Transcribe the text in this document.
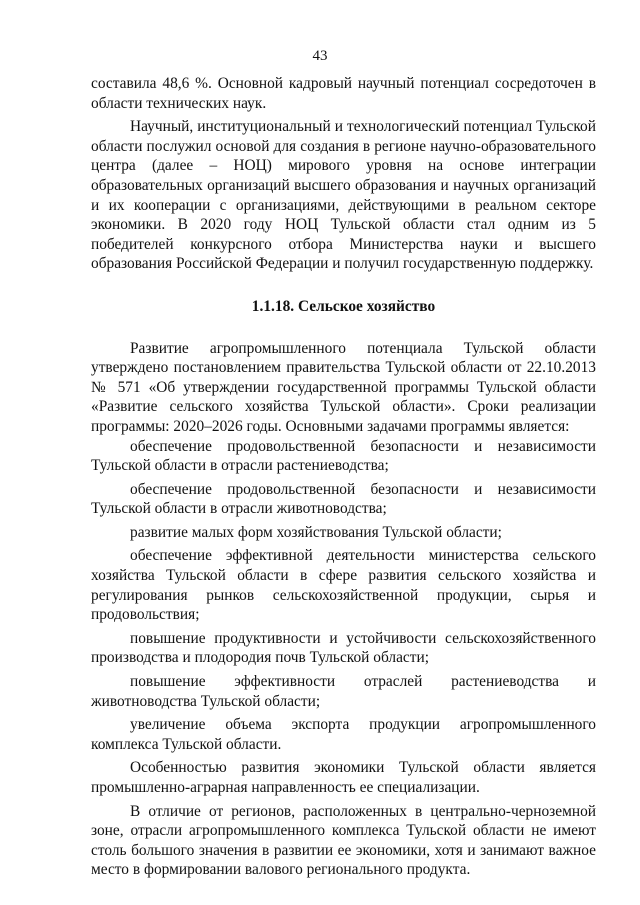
43

составила 48,6 %. Основной кадровый научный потенциал сосредоточен в области технических наук.

Научный, институциональный и технологический потенциал Тульской области послужил основой для создания в регионе научно-образовательного центра (далее – НОЦ) мирового уровня на основе интеграции образовательных организаций высшего образования и научных организаций и их кооперации с организациями, действующими в реальном секторе экономики. В 2020 году НОЦ Тульской области стал одним из 5 победителей конкурсного отбора Министерства науки и высшего образования Российской Федерации и получил государственную поддержку.

1.1.18. Сельское хозяйство

Развитие агропромышленного потенциала Тульской области утверждено постановлением правительства Тульской области от 22.10.2013 № 571 «Об утверждении государственной программы Тульской области «Развитие сельского хозяйства Тульской области». Сроки реализации программы: 2020–2026 годы. Основными задачами программы является:

обеспечение продовольственной безопасности и независимости Тульской области в отрасли растениеводства;

обеспечение продовольственной безопасности и независимости Тульской области в отрасли животноводства;

развитие малых форм хозяйствования Тульской области;

обеспечение эффективной деятельности министерства сельского хозяйства Тульской области в сфере развития сельского хозяйства и регулирования рынков сельскохозяйственной продукции, сырья и продовольствия;

повышение продуктивности и устойчивости сельскохозяйственного производства и плодородия почв Тульской области;

повышение эффективности отраслей растениеводства и животноводства Тульской области;

увеличение объема экспорта продукции агропромышленного комплекса Тульской области.

Особенностью развития экономики Тульской области является промышленно-аграрная направленность ее специализации.

В отличие от регионов, расположенных в центрально-черноземной зоне, отрасли агропромышленного комплекса Тульской области не имеют столь большого значения в развитии ее экономики, хотя и занимают важное место в формировании валового регионального продукта.
